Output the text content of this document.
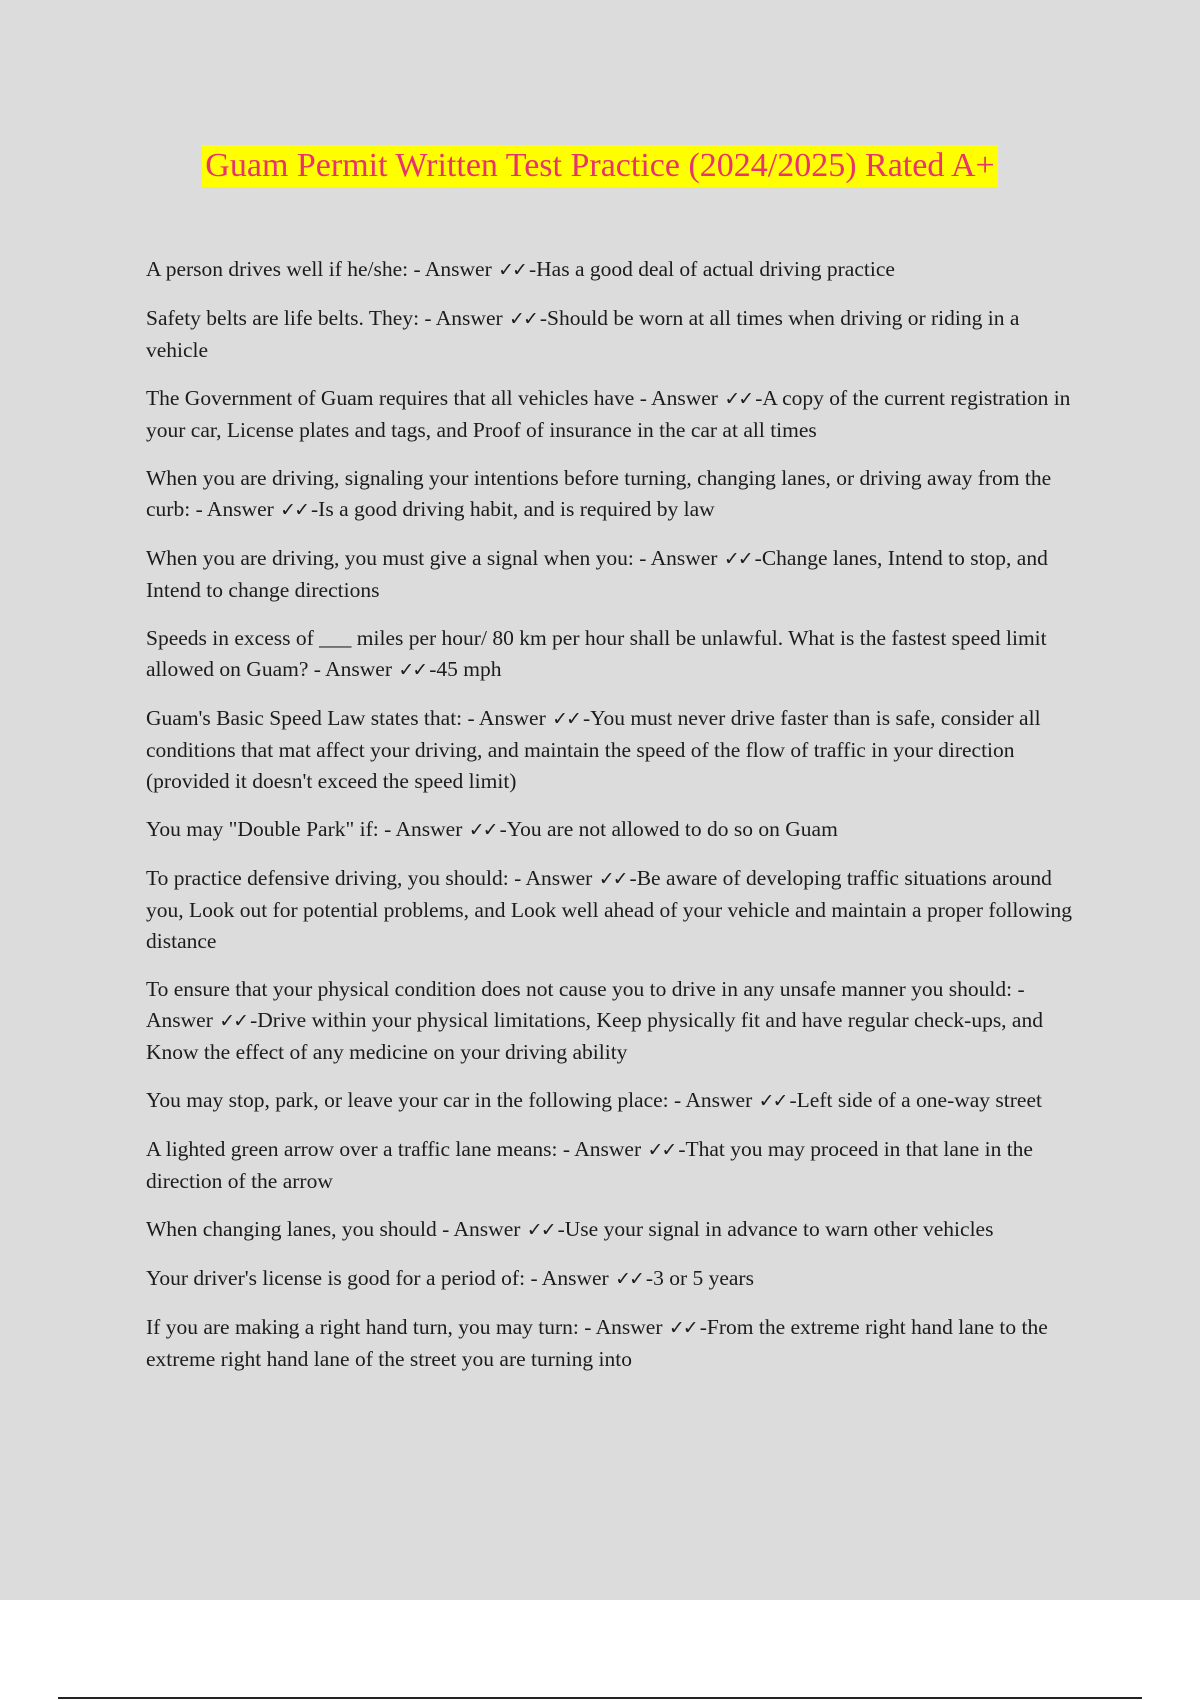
Guam Permit Written Test Practice (2024/2025) Rated A+
A person drives well if he/she: - Answer ✓✓ -Has a good deal of actual driving practice
Safety belts are life belts. They: - Answer ✓✓ -Should be worn at all times when driving or riding in a vehicle
The Government of Guam requires that all vehicles have - Answer ✓✓ -A copy of the current registration in your car, License plates and tags, and Proof of insurance in the car at all times
When you are driving, signaling your intentions before turning, changing lanes, or driving away from the curb: - Answer ✓✓ -Is a good driving habit, and is required by law
When you are driving, you must give a signal when you: - Answer ✓✓ -Change lanes, Intend to stop, and Intend to change directions
Speeds in excess of ___ miles per hour/ 80 km per hour shall be unlawful. What is the fastest speed limit allowed on Guam? - Answer ✓✓ -45 mph
Guam's Basic Speed Law states that: - Answer ✓✓ -You must never drive faster than is safe, consider all conditions that mat affect your driving, and maintain the speed of the flow of traffic in your direction (provided it doesn't exceed the speed limit)
You may "Double Park" if: - Answer ✓✓ -You are not allowed to do so on Guam
To practice defensive driving, you should: - Answer ✓✓ -Be aware of developing traffic situations around you, Look out for potential problems, and Look well ahead of your vehicle and maintain a proper following distance
To ensure that your physical condition does not cause you to drive in any unsafe manner you should: - Answer ✓✓ -Drive within your physical limitations, Keep physically fit and have regular check-ups, and Know the effect of any medicine on your driving ability
You may stop, park, or leave your car in the following place: - Answer ✓✓ -Left side of a one-way street
A lighted green arrow over a traffic lane means: - Answer ✓✓ -That you may proceed in that lane in the direction of the arrow
When changing lanes, you should - Answer ✓✓ -Use your signal in advance to warn other vehicles
Your driver's license is good for a period of: - Answer ✓✓ -3 or 5 years
If you are making a right hand turn, you may turn: - Answer ✓✓ -From the extreme right hand lane to the extreme right hand lane of the street you are turning into
